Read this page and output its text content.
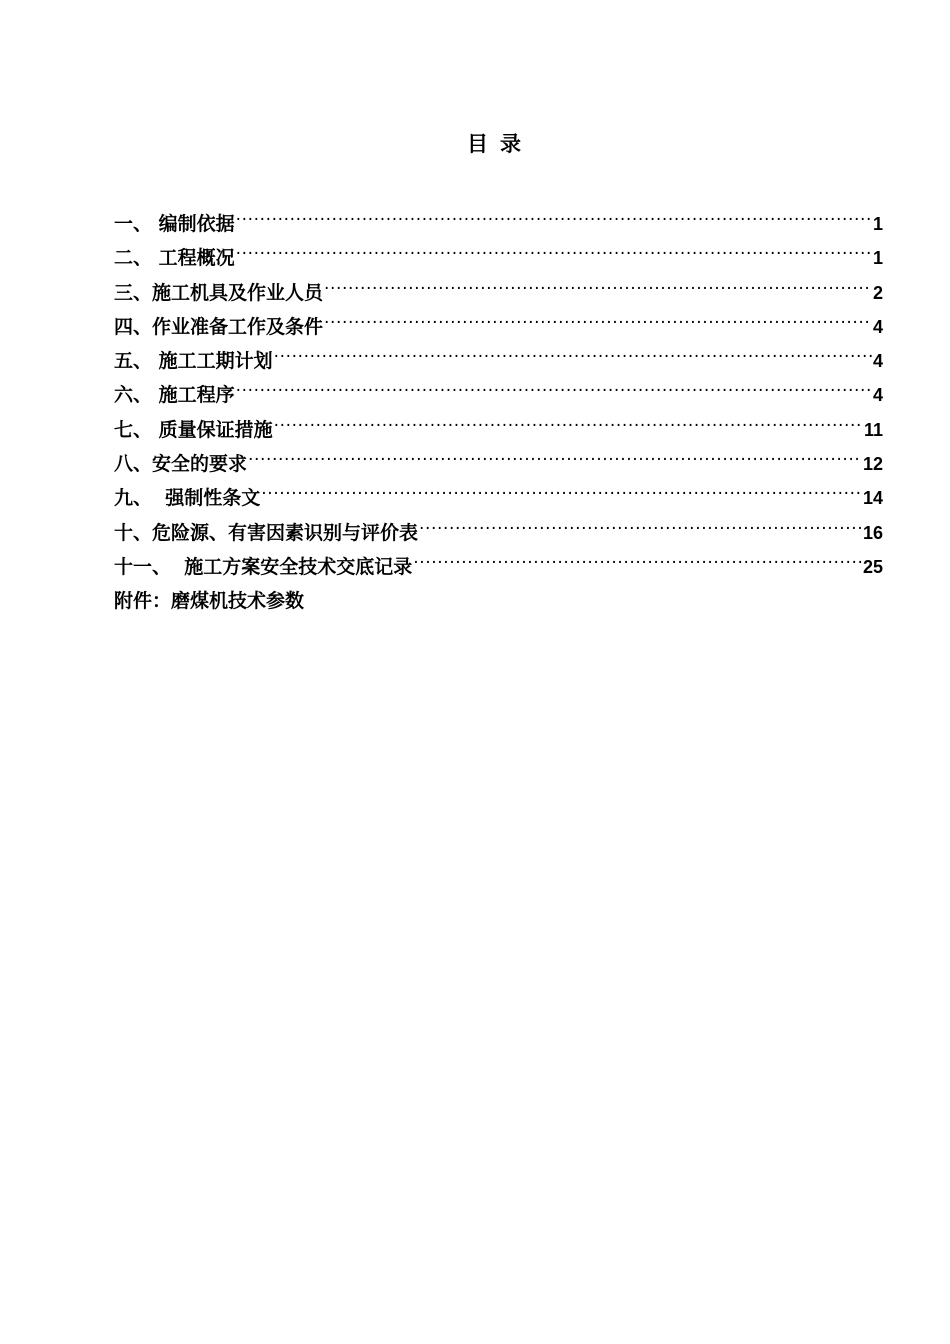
目录
一、 编制依据 .....	1
二、 工程概况 .....	1
三、施工机具及作业人员 .....	2
四、作业准备工作及条件 .....	4
五、 施工工期计划 .....	4
六、 施工程序 .....	4
七、 质量保证措施 .....	11
八、安全的要求 .....	12
九、  强制性条文 .....	14
十、危险源、有害因素识别与评价表 .....	16
十一、  施工方案安全技术交底记录 .....	25
附件：磨煤机技术参数
